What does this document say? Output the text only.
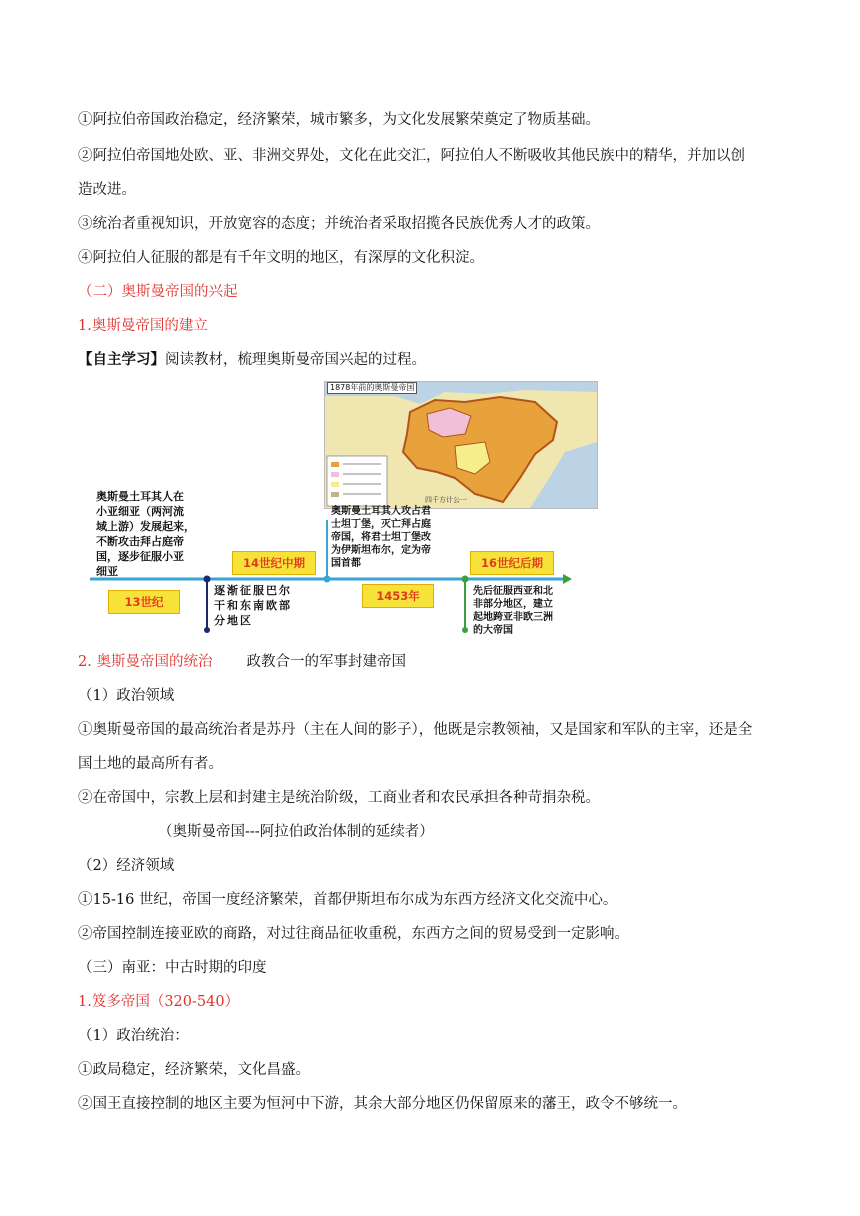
①阿拉伯帝国政治稳定，经济繁荣，城市繁多，为文化发展繁荣奠定了物质基础。
②阿拉伯帝国地处欧、亚、非洲交界处，文化在此交汇，阿拉伯人不断吸收其他民族中的精华，并加以创
造改进。
③统治者重视知识，开放宽容的态度；并统治者采取招揽各民族优秀人才的政策。
④阿拉伯人征服的都是有千年文明的地区，有深厚的文化积淀。
（二）奥斯曼帝国的兴起
1.奥斯曼帝国的建立
【自主学习】阅读教材，梳理奥斯曼帝国兴起的过程。
1878年前的奥斯曼帝国
四千方计公一
奥斯曼土耳其人在
小亚细亚（两河流
域上游）发展起来，
不断攻击拜占庭帝
国，逐步征服小亚
细亚
13世纪
14世纪中期
逐渐征服巴尔
干和东南欧部
分地区
奥斯曼土耳其人攻占君
士坦丁堡，灭亡拜占庭
帝国，将君士坦丁堡改
为伊斯坦布尔，定为帝
国首都
1453年
16世纪后期
先后征服西亚和北
非部分地区，建立
起地跨亚非欧三洲
的大帝国
2. 奥斯曼帝国的统治 政教合一的军事封建帝国
（1）政治领域
①奥斯曼帝国的最高统治者是苏丹（主在人间的影子），他既是宗教领袖，又是国家和军队的主宰，还是全
国土地的最高所有者。
②在帝国中，宗教上层和封建主是统治阶级，工商业者和农民承担各种苛捐杂税。
（奥斯曼帝国---阿拉伯政治体制的延续者）
（2）经济领域
①15-16 世纪，帝国一度经济繁荣，首都伊斯坦布尔成为东西方经济文化交流中心。
②帝国控制连接亚欧的商路，对过往商品征收重税，东西方之间的贸易受到一定影响。
（三）南亚：中古时期的印度
1.笈多帝国（320-540）
（1）政治统治：
①政局稳定，经济繁荣，文化昌盛。
②国王直接控制的地区主要为恒河中下游，其余大部分地区仍保留原来的藩王，政令不够统一。
